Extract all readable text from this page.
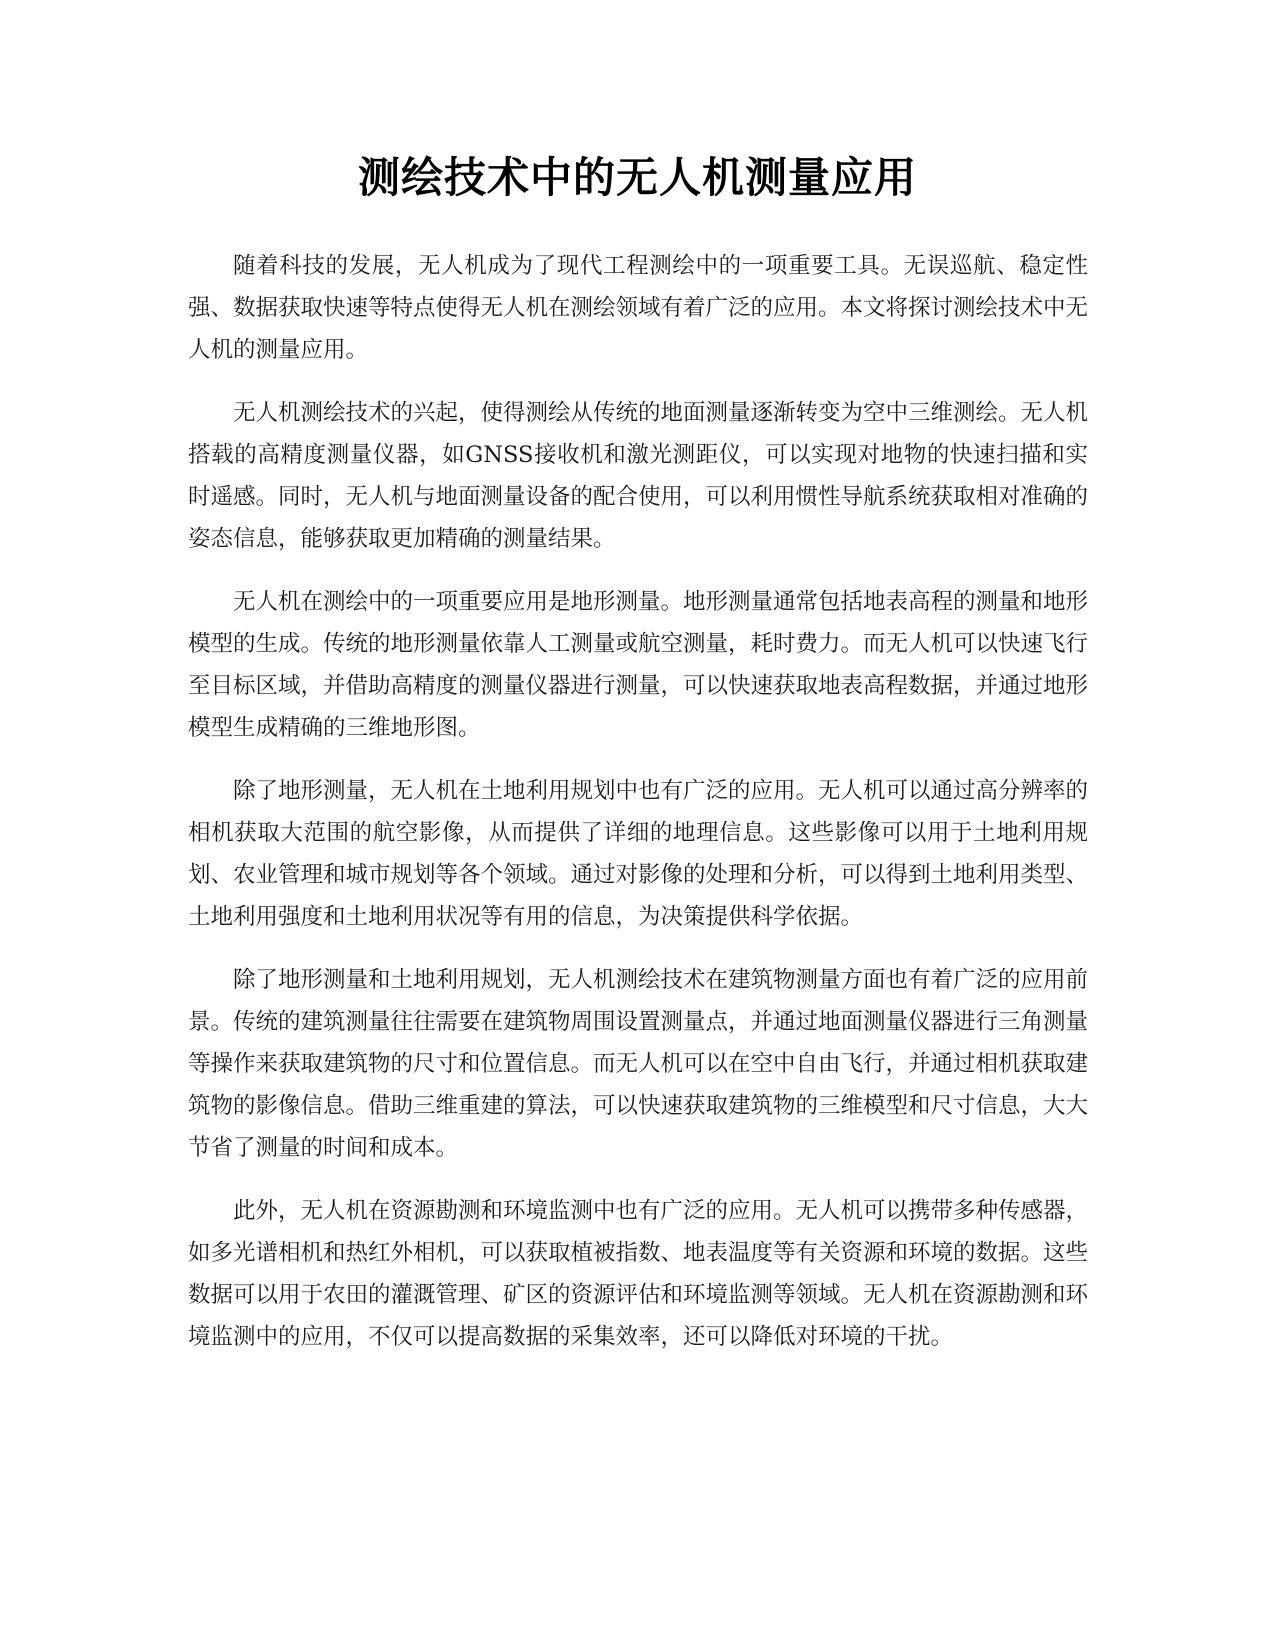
测绘技术中的无人机测量应用

随着科技的发展，无人机成为了现代工程测绘中的一项重要工具。无误巡航、稳定性强、数据获取快速等特点使得无人机在测绘领域有着广泛的应用。本文将探讨测绘技术中无人机的测量应用。

无人机测绘技术的兴起，使得测绘从传统的地面测量逐渐转变为空中三维测绘。无人机搭载的高精度测量仪器，如GNSS接收机和激光测距仪，可以实现对地物的快速扫描和实时遥感。同时，无人机与地面测量设备的配合使用，可以利用惯性导航系统获取相对准确的姿态信息，能够获取更加精确的测量结果。

无人机在测绘中的一项重要应用是地形测量。地形测量通常包括地表高程的测量和地形模型的生成。传统的地形测量依靠人工测量或航空测量，耗时费力。而无人机可以快速飞行至目标区域，并借助高精度的测量仪器进行测量，可以快速获取地表高程数据，并通过地形模型生成精确的三维地形图。

除了地形测量，无人机在土地利用规划中也有广泛的应用。无人机可以通过高分辨率的相机获取大范围的航空影像，从而提供了详细的地理信息。这些影像可以用于土地利用规划、农业管理和城市规划等各个领域。通过对影像的处理和分析，可以得到土地利用类型、土地利用强度和土地利用状况等有用的信息，为决策提供科学依据。

除了地形测量和土地利用规划，无人机测绘技术在建筑物测量方面也有着广泛的应用前景。传统的建筑测量往往需要在建筑物周围设置测量点，并通过地面测量仪器进行三角测量等操作来获取建筑物的尺寸和位置信息。而无人机可以在空中自由飞行，并通过相机获取建筑物的影像信息。借助三维重建的算法，可以快速获取建筑物的三维模型和尺寸信息，大大节省了测量的时间和成本。

此外，无人机在资源勘测和环境监测中也有广泛的应用。无人机可以携带多种传感器，如多光谱相机和热红外相机，可以获取植被指数、地表温度等有关资源和环境的数据。这些数据可以用于农田的灌溉管理、矿区的资源评估和环境监测等领域。无人机在资源勘测和环境监测中的应用，不仅可以提高数据的采集效率，还可以降低对环境的干扰。
